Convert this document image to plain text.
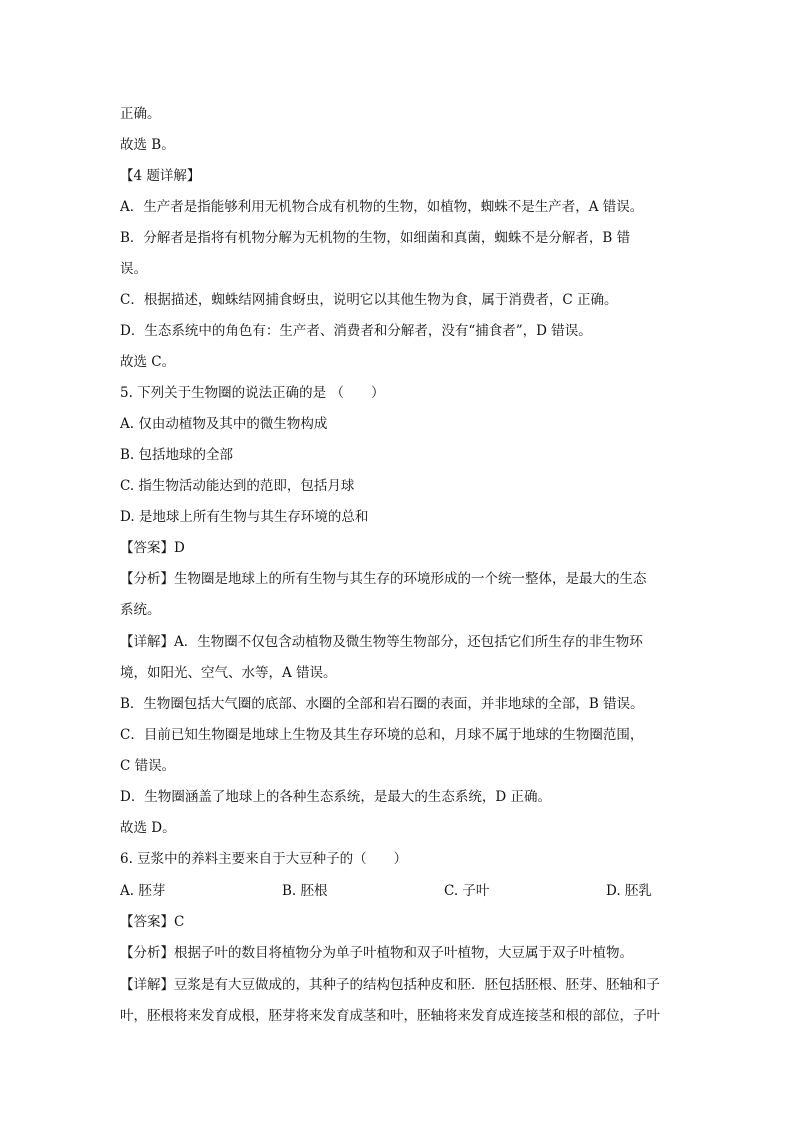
正确。
故选 B。
【4 题详解】
A．生产者是指能够利用无机物合成有机物的生物，如植物，蜘蛛不是生产者，A 错误。
B．分解者是指将有机物分解为无机物的生物，如细菌和真菌，蜘蛛不是分解者，B 错
误。
C．根据描述，蜘蛛结网捕食蚜虫，说明它以其他生物为食，属于消费者，C 正确。
D．生态系统中的角色有：生产者、消费者和分解者，没有“捕食者”，D 错误。
故选 C。
5. 下列关于生物圈的说法正确的是 （　　）
A. 仅由动植物及其中的微生物构成
B. 包括地球的全部
C. 指生物活动能达到的范即，包括月球
D. 是地球上所有生物与其生存环境的总和
【答案】D
【分析】生物圈是地球上的所有生物与其生存的环境形成的一个统一整体，是最大的生态
系统。
【详解】A．生物圈不仅包含动植物及微生物等生物部分，还包括它们所生存的非生物环
境，如阳光、空气、水等，A 错误。
B．生物圈包括大气圈的底部、水圈的全部和岩石圈的表面，并非地球的全部，B 错误。
C．目前已知生物圈是地球上生物及其生存环境的总和，月球不属于地球的生物圈范围，
C 错误。
D．生物圈涵盖了地球上的各种生态系统，是最大的生态系统，D 正确。
故选 D。
6. 豆浆中的养料主要来自于大豆种子的（　　）
A. 胚芽	B. 胚根	C. 子叶	D. 胚乳
【答案】C
【分析】根据子叶的数目将植物分为单子叶植物和双子叶植物，大豆属于双子叶植物。
【详解】豆浆是有大豆做成的，其种子的结构包括种皮和胚．胚包括胚根、胚芽、胚轴和子
叶，胚根将来发育成根，胚芽将来发育成茎和叶，胚轴将来发育成连接茎和根的部位，子叶
